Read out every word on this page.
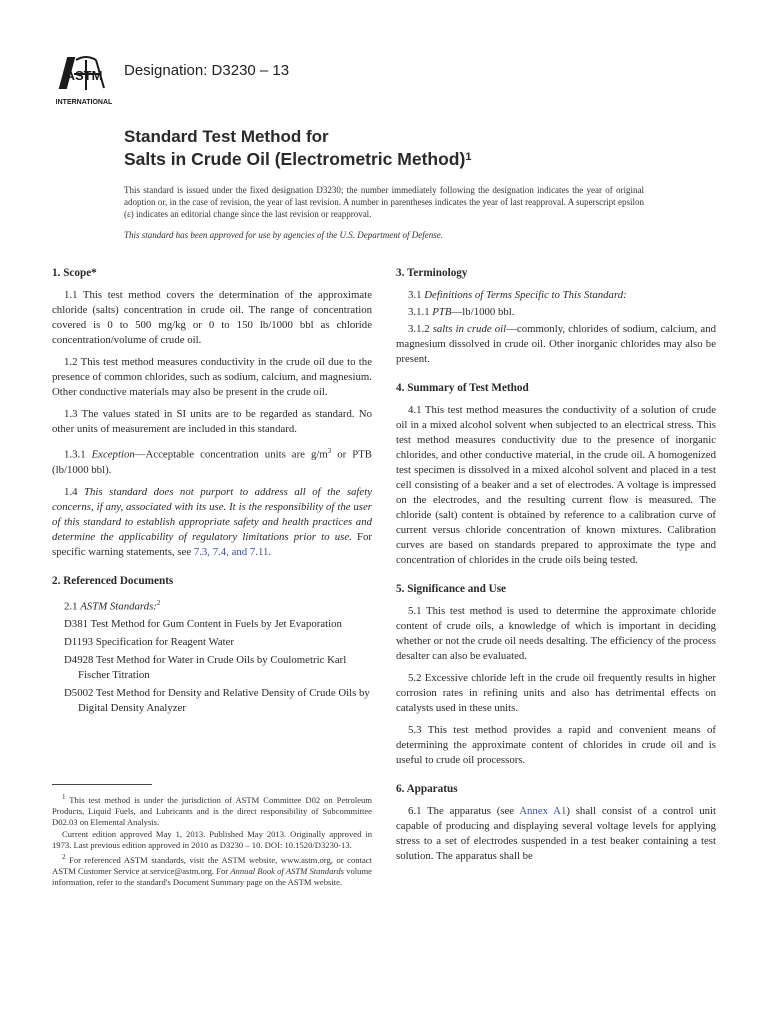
ASTM
INTERNATIONAL
Designation: D3230 – 13
Standard Test Method for
Salts in Crude Oil (Electrometric Method)$^1$
This standard is issued under the fixed designation D3230; the number immediately following the designation indicates the year of original adoption or, in the case of revision, the year of last revision. A number in parentheses indicates the year of last reapproval. A superscript epsilon (ε) indicates an editorial change since the last revision or reapproval.
This standard has been approved for use by agencies of the U.S. Department of Defense.
1. Scope*

1.1 This test method covers the determination of the approximate chloride (salts) concentration in crude oil. The range of concentration covered is 0 to 500 mg/kg or 0 to 150 lb/1000 bbl as chloride concentration/volume of crude oil.

1.2 This test method measures conductivity in the crude oil due to the presence of common chlorides, such as sodium, calcium, and magnesium. Other conductive materials may also be present in the crude oil.

1.3 The values stated in SI units are to be regarded as standard. No other units of measurement are included in this standard.

1.3.1 Exception—Acceptable concentration units are $g/m^3$ or PTB (lb/1000 bbl).

1.4 This standard does not purport to address all of the safety concerns, if any, associated with its use. It is the responsibility of the user of this standard to establish appropriate safety and health practices and determine the applicability of regulatory limitations prior to use. For specific warning statements, see 7.3, 7.4, and 7.11.

2. Referenced Documents

2.1 ASTM Standards:$^2$

D381 Test Method for Gum Content in Fuels by Jet Evaporation

D1193 Specification for Reagent Water

D4928 Test Method for Water in Crude Oils by Coulometric Karl Fischer Titration

D5002 Test Method for Density and Relative Density of Crude Oils by Digital Density Analyzer

$^1$ This test method is under the jurisdiction of ASTM Committee D02 on Petroleum Products, Liquid Fuels, and Lubricants and is the direct responsibility of Subcommittee D02.03 on Elemental Analysis.

Current edition approved May 1, 2013. Published May 2013. Originally approved in 1973. Last previous edition approved in 2010 as D3230 – 10. DOI: 10.1520/D3230-13.

$^2$ For referenced ASTM standards, visit the ASTM website, www.astm.org, or contact ASTM Customer Service at service@astm.org. For Annual Book of ASTM Standards volume information, refer to the standard's Document Summary page on the ASTM website.

3. Terminology

3.1 Definitions of Terms Specific to This Standard:

3.1.1 PTB—lb/1000 bbl.

3.1.2 salts in crude oil—commonly, chlorides of sodium, calcium, and magnesium dissolved in crude oil. Other inorganic chlorides may also be present.

4. Summary of Test Method

4.1 This test method measures the conductivity of a solution of crude oil in a mixed alcohol solvent when subjected to an electrical stress. This test method measures conductivity due to the presence of inorganic chlorides, and other conductive material, in the crude oil. A homogenized test specimen is dissolved in a mixed alcohol solvent and placed in a test cell consisting of a beaker and a set of electrodes. A voltage is impressed on the electrodes, and the resulting current flow is measured. The chloride (salt) content is obtained by reference to a calibration curve of current versus chloride concentration of known mixtures. Calibration curves are based on standards prepared to approximate the type and concentration of chlorides in the crude oils being tested.

5. Significance and Use

5.1 This test method is used to determine the approximate chloride content of crude oils, a knowledge of which is important in deciding whether or not the crude oil needs desalting. The efficiency of the process desalter can also be evaluated.

5.2 Excessive chloride left in the crude oil frequently results in higher corrosion rates in refining units and also has detrimental effects on catalysts used in these units.

5.3 This test method provides a rapid and convenient means of determining the approximate content of chlorides in crude oil and is useful to crude oil processors.

6. Apparatus

6.1 The apparatus (see Annex A1) shall consist of a control unit capable of producing and displaying several voltage levels for applying stress to a set of electrodes suspended in a test beaker containing a test solution. The apparatus shall be
